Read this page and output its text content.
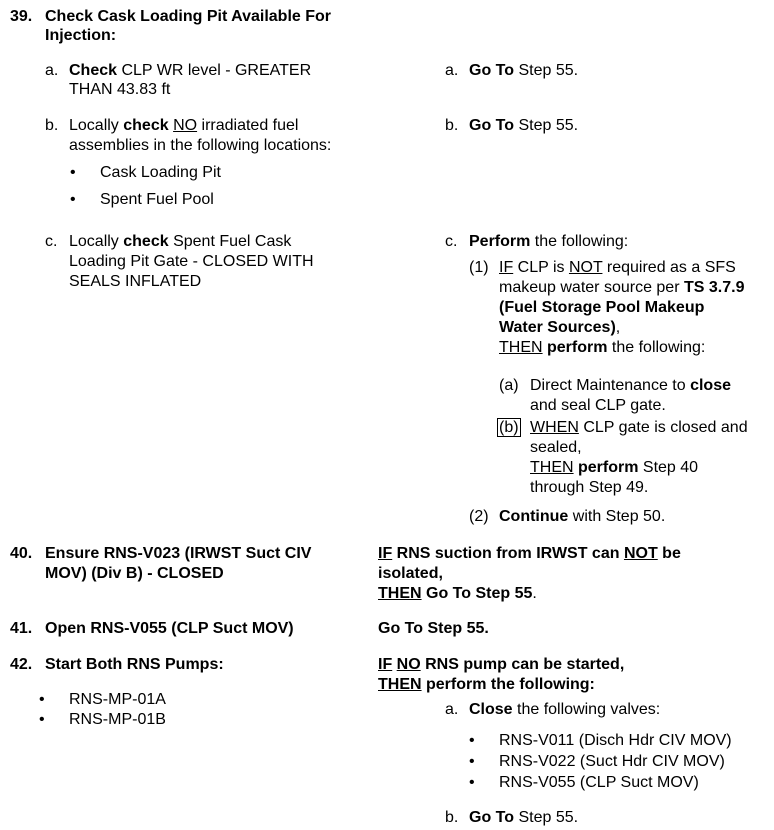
39. Check Cask Loading Pit Available For
Injection:
a. Check CLP WR level - GREATER
THAN 43.83 ft
a. Go To Step 55.
b. Locally check NO irradiated fuel
assemblies in the following locations:
• Cask Loading Pit
• Spent Fuel Pool
b. Go To Step 55.
c. Locally check Spent Fuel Cask
Loading Pit Gate - CLOSED WITH
SEALS INFLATED
c. Perform the following:
(1) IF CLP is NOT required as a SFS
makeup water source per TS 3.7.9
(Fuel Storage Pool Makeup
Water Sources),
THEN perform the following:
(a) Direct Maintenance to close
and seal CLP gate.
(b) WHEN CLP gate is closed and
sealed,
THEN perform Step 40
through Step 49.
(2) Continue with Step 50.
40. Ensure RNS-V023 (IRWST Suct CIV
MOV) (Div B) - CLOSED
IF RNS suction from IRWST can NOT be
isolated,
THEN Go To Step 55.
41. Open RNS-V055 (CLP Suct MOV)	Go To Step 55.
42. Start Both RNS Pumps:
• RNS-MP-01A
• RNS-MP-01B
IF NO RNS pump can be started,
THEN perform the following:
a. Close the following valves:
• RNS-V011 (Disch Hdr CIV MOV)
• RNS-V022 (Suct Hdr CIV MOV)
• RNS-V055 (CLP Suct MOV)
b. Go To Step 55.
